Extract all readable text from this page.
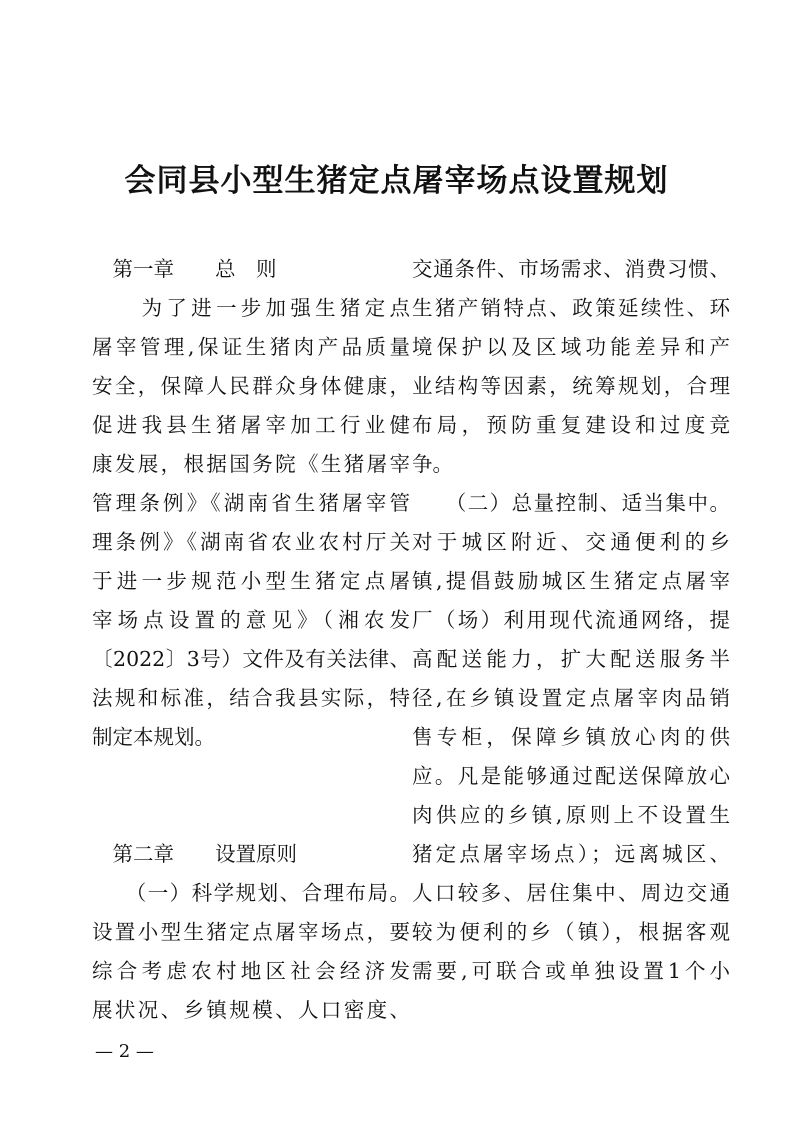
会同县小型生猪定点屠宰场点设置规划
　第一章　　总　则
　　为了进一步加强生猪定点
屠宰管理,保证生猪肉产品质量
安全，保障人民群众身体健康，
促进我县生猪屠宰加工行业健
康发展，根据国务院《生猪屠宰
管理条例》《湖南省生猪屠宰管
理条例》《湖南省农业农村厅关
于进一步规范小型生猪定点屠
宰场点设置的意见》（湘农发
〔2022〕3号）文件及有关法律、
法规和标准，结合我县实际，特
制定本规划。
　第二章　　设置原则
　　（一）科学规划、合理布局。
设置小型生猪定点屠宰场点，要
综合考虑农村地区社会经济发
展状况、乡镇规模、人口密度、
交通条件、市场需求、消费习惯、
生猪产销特点、政策延续性、环
境保护以及区域功能差异和产
业结构等因素，统筹规划，合理
布局，预防重复建设和过度竞
争。
　　（二）总量控制、适当集中。
对于城区附近、交通便利的乡
镇,提倡鼓励城区生猪定点屠宰
厂（场）利用现代流通网络，提
高配送能力，扩大配送服务半
径,在乡镇设置定点屠宰肉品销
售专柜，保障乡镇放心肉的供
应。凡是能够通过配送保障放心
肉供应的乡镇,原则上不设置生
猪定点屠宰场点）；远离城区、
人口较多、居住集中、周边交通
较为便利的乡（镇），根据客观
需要,可联合或单独设置1个小

— 2 —
